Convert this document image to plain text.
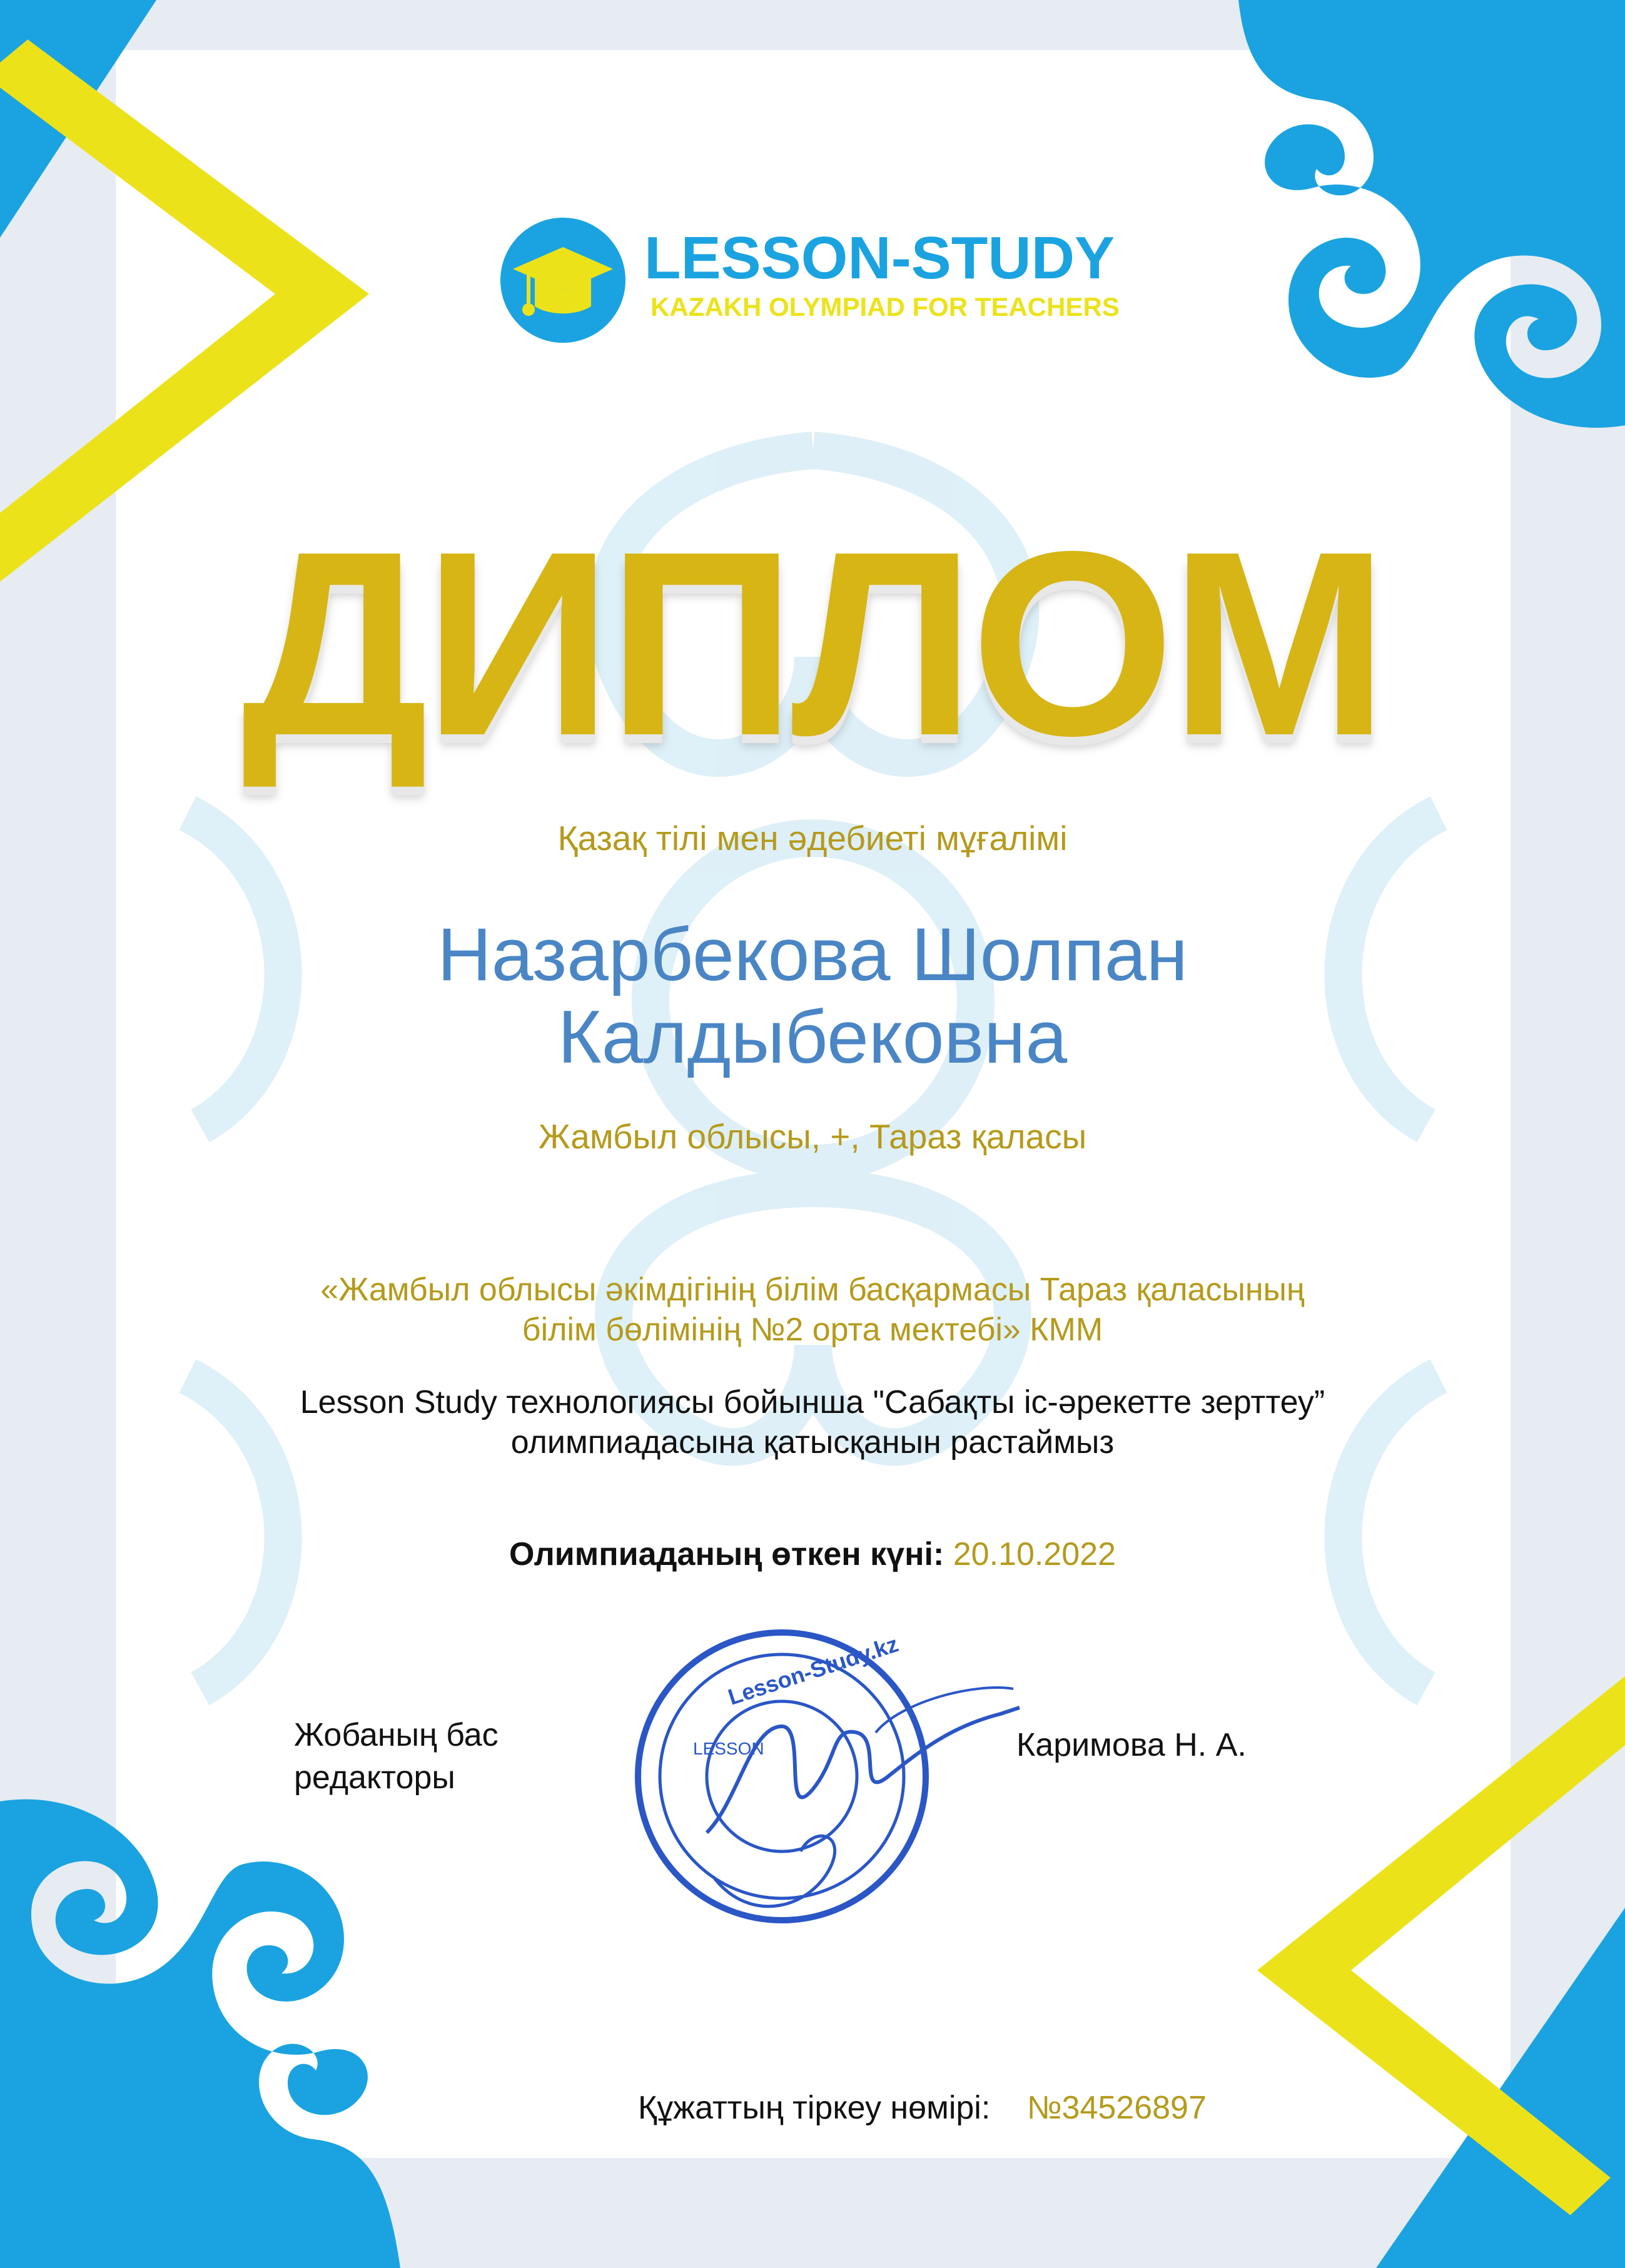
LESSON-STUDY
KAZAKH OLYMPIAD FOR TEACHERS
Lesson-Study.kz
LESSON
ДИПЛОМ
Қазақ тілі мен әдебиеті мұғалімі
Назарбекова Шолпан
Калдыбековна
Жамбыл облысы, +, Тараз қаласы
«Жамбыл облысы әкімдігінің білім басқармасы Тараз қаласының
білім бөлімінің №2 орта мектебі» КММ
Lesson Study технологиясы бойынша "Сабақты іс-әрекетте зерттеу”
олимпиадасына қатысқанын растаймыз
Олимпиаданың өткен күні: 20.10.2022
Жобаның бас
редакторы
Каримова Н. А.
Құжаттың тіркеу нөмірі: №34526897
